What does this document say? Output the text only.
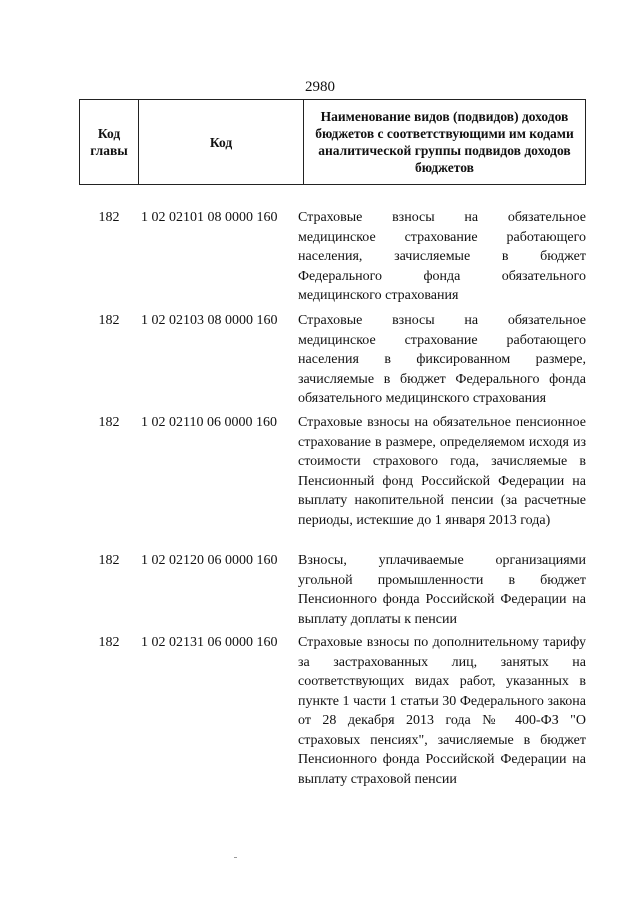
2980
Код главы	Код	Наименование видов (подвидов) доходов бюджетов с соответствующими им кодами аналитической группы подвидов доходов бюджетов
182	1 02 02101 08 0000 160	Страховые взносы на обязательное медицинское страхование работающего населения, зачисляемые в бюджет Федерального фонда обязательного медицинского страхования
182	1 02 02103 08 0000 160	Страховые взносы на обязательное медицинское страхование работающего населения в фиксированном размере, зачисляемые в бюджет Федерального фонда обязательного медицинского страхования
182	1 02 02110 06 0000 160	Страховые взносы на обязательное пенсионное страхование в размере, определяемом исходя из стоимости страхового года, зачисляемые в Пенсионный фонд Российской Федерации на выплату накопительной пенсии (за расчетные периоды, истекшие до 1 января 2013 года)
182	1 02 02120 06 0000 160	Взносы, уплачиваемые организациями угольной промышленности в бюджет Пенсионного фонда Российской Федерации на выплату доплаты к пенсии
182	1 02 02131 06 0000 160	Страховые взносы по дополнительному тарифу за застрахованных лиц, занятых на соответствующих видах работ, указанных в пункте 1 части 1 статьи 30 Федерального закона от 28 декабря 2013 года № 400-ФЗ "О страховых пенсиях", зачисляемые в бюджет Пенсионного фонда Российской Федерации на выплату страховой пенсии
